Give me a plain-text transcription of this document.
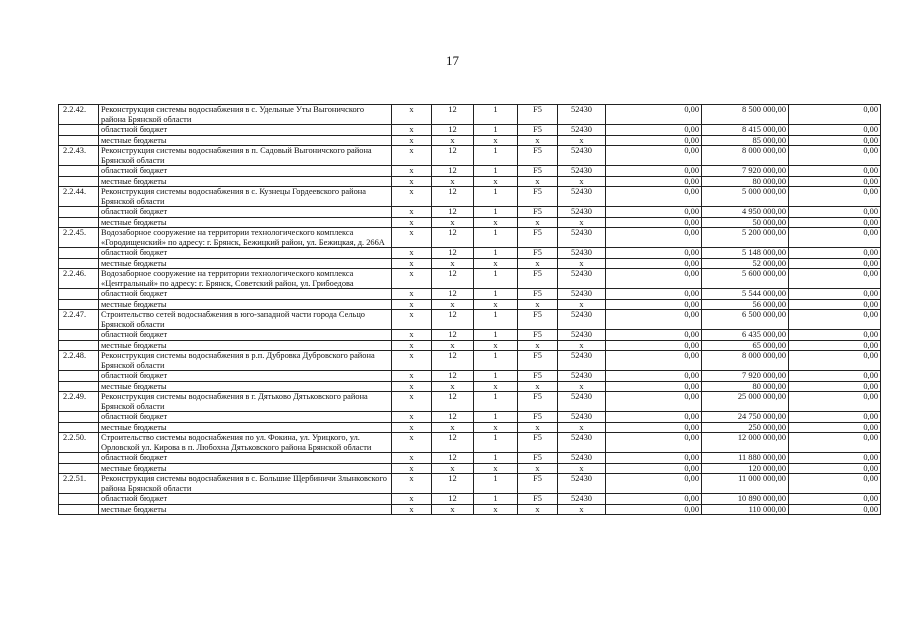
17
2.2.42.	Реконструкция системы водоснабжения в с. Удельные Уты Выгоничского района Брянской области	х	12	1	F5	52430	0,00	8 500 000,00	0,00
	областной бюджет	х	12	1	F5	52430	0,00	8 415 000,00	0,00
	местные бюджеты	х	х	х	х	х	0,00	85 000,00	0,00
2.2.43.	Реконструкция системы водоснабжения в п. Садовый Выгоничского района Брянской области	х	12	1	F5	52430	0,00	8 000 000,00	0,00
	областной бюджет	х	12	1	F5	52430	0,00	7 920 000,00	0,00
	местные бюджеты	х	х	х	х	х	0,00	80 000,00	0,00
2.2.44.	Реконструкция системы водоснабжения в с. Кузнецы Гордеевского района Брянской области	х	12	1	F5	52430	0,00	5 000 000,00	0,00
	областной бюджет	х	12	1	F5	52430	0,00	4 950 000,00	0,00
	местные бюджеты	х	х	х	х	х	0,00	50 000,00	0,00
2.2.45.	Водозаборное сооружение на территории технологического комплекса «Городищенский» по адресу: г. Брянск, Бежицкий район, ул. Бежицкая, д. 266А	х	12	1	F5	52430	0,00	5 200 000,00	0,00
	областной бюджет	х	12	1	F5	52430	0,00	5 148 000,00	0,00
	местные бюджеты	х	х	х	х	х	0,00	52 000,00	0,00
2.2.46.	Водозаборное сооружение на территории технологического комплекса «Центральный» по адресу: г. Брянск, Советский район, ул. Грибоедова	х	12	1	F5	52430	0,00	5 600 000,00	0,00
	областной бюджет	х	12	1	F5	52430	0,00	5 544 000,00	0,00
	местные бюджеты	х	х	х	х	х	0,00	56 000,00	0,00
2.2.47.	Строительство сетей водоснабжения в юго-западной части города Сельцо Брянской области	х	12	1	F5	52430	0,00	6 500 000,00	0,00
	областной бюджет	х	12	1	F5	52430	0,00	6 435 000,00	0,00
	местные бюджеты	х	х	х	х	х	0,00	65 000,00	0,00
2.2.48.	Реконструкция системы водоснабжения в р.п. Дубровка Дубровского района Брянской области	х	12	1	F5	52430	0,00	8 000 000,00	0,00
	областной бюджет	х	12	1	F5	52430	0,00	7 920 000,00	0,00
	местные бюджеты	х	х	х	х	х	0,00	80 000,00	0,00
2.2.49.	Реконструкция системы водоснабжения в г. Дятьково Дятьковского района Брянской области	х	12	1	F5	52430	0,00	25 000 000,00	0,00
	областной бюджет	х	12	1	F5	52430	0,00	24 750 000,00	0,00
	местные бюджеты	х	х	х	х	х	0,00	250 000,00	0,00
2.2.50.	Строительство системы водоснабжения по ул. Фокина, ул. Урицкого, ул. Орловской ул. Кирова в п. Любохна Дятьковского района Брянской области	х	12	1	F5	52430	0,00	12 000 000,00	0,00
	областной бюджет	х	12	1	F5	52430	0,00	11 880 000,00	0,00
	местные бюджеты	х	х	х	х	х	0,00	120 000,00	0,00
2.2.51.	Реконструкция системы водоснабжения в с. Большие Щербиничи Злынковского района Брянской области	х	12	1	F5	52430	0,00	11 000 000,00	0,00
	областной бюджет	х	12	1	F5	52430	0,00	10 890 000,00	0,00
	местные бюджеты	х	х	х	х	х	0,00	110 000,00	0,00
